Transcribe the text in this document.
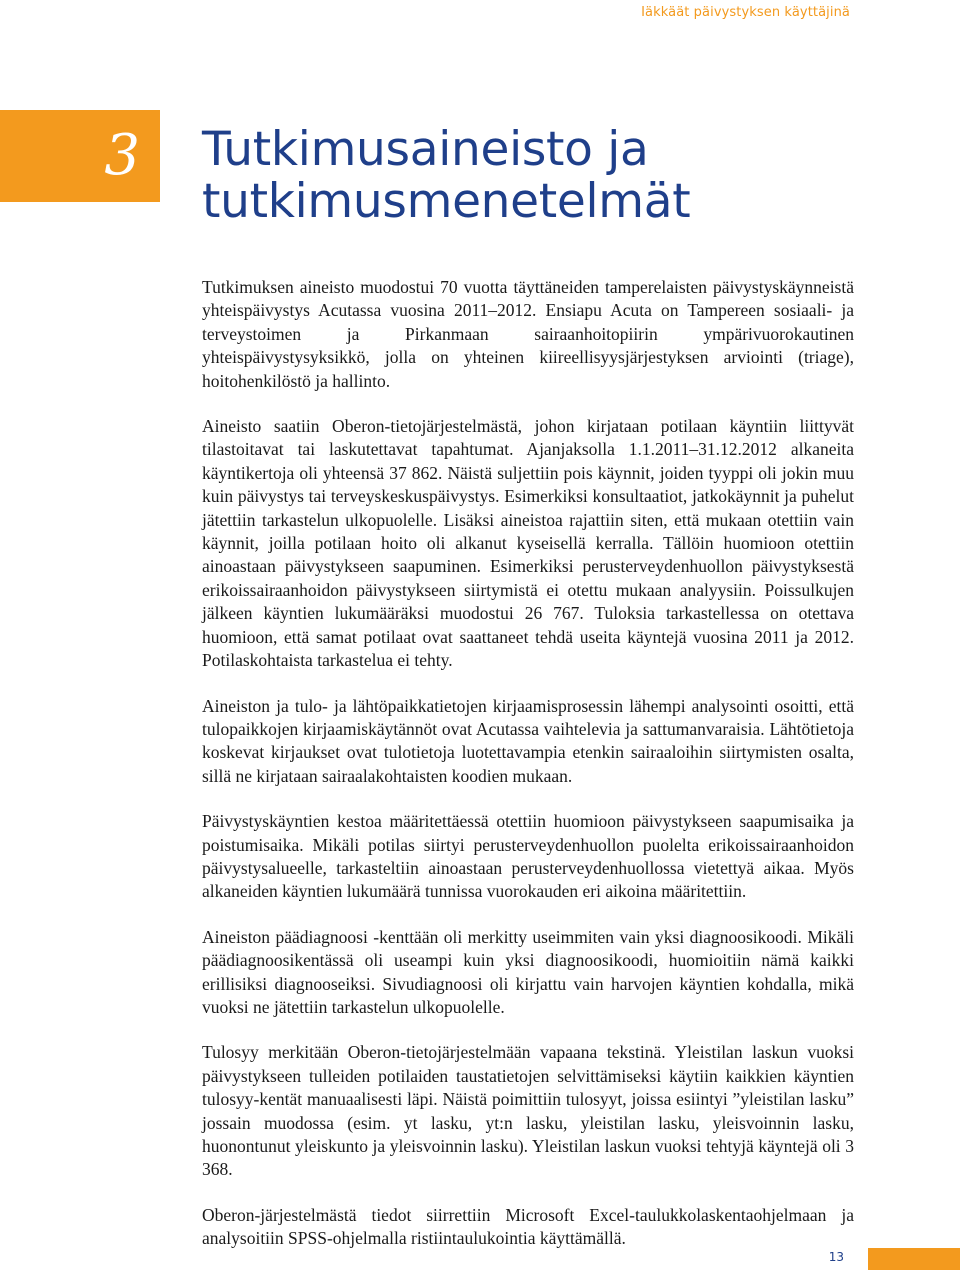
Iäkkäät päivystyksen käyttäjinä
3 Tutkimusaineisto ja tutkimusmenetelmät

Tutkimuksen aineisto muodostui 70 vuotta täyttäneiden tamperelaisten päivystyskäynneistä yhteispäivystys Acutassa vuosina 2011–2012. Ensiapu Acuta on Tampereen sosiaali- ja terveystoimen ja Pirkanmaan sairaanhoitopiirin ympärivuorokautinen yhteispäivystysyksikkö, jolla on yhteinen kiireellisyysjärjestyksen arviointi (triage), hoitohenkilöstö ja hallinto.

Aineisto saatiin Oberon-tietojärjestelmästä, johon kirjataan potilaan käyntiin liittyvät tilastoitavat tai laskutettavat tapahtumat. Ajanjaksolla 1.1.2011–31.12.2012 alkaneita käyntikertoja oli yhteensä 37 862. Näistä suljettiin pois käynnit, joiden tyyppi oli jokin muu kuin päivystys tai terveyskeskuspäivystys. Esimerkiksi konsultaatiot, jatkokäynnit ja puhelut jätettiin tarkastelun ulkopuolelle. Lisäksi aineistoa rajattiin siten, että mukaan otettiin vain käynnit, joilla potilaan hoito oli alkanut kyseisellä kerralla. Tällöin huomioon otettiin ainoastaan päivystykseen saapuminen. Esimerkiksi perusterveydenhuollon päivystyksestä erikoissairaanhoidon päivystykseen siirtymistä ei otettu mukaan analyysiin. Poissulkujen jälkeen käyntien lukumääräksi muodostui 26 767. Tuloksia tarkastellessa on otettava huomioon, että samat potilaat ovat saattaneet tehdä useita käyntejä vuosina 2011 ja 2012. Potilaskohtaista tarkastelua ei tehty.

Aineiston ja tulo- ja lähtöpaikkatietojen kirjaamisprosessin lähempi analysointi osoitti, että tulopaikkojen kirjaamiskäytännöt ovat Acutassa vaihtelevia ja sattumanvaraisia. Lähtötietoja koskevat kirjaukset ovat tulotietoja luotettavampia etenkin sairaaloihin siirtymisten osalta, sillä ne kirjataan sairaalakohtaisten koodien mukaan.

Päivystyskäyntien kestoa määritettäessä otettiin huomioon päivystykseen saapumisaika ja poistumisaika. Mikäli potilas siirtyi perusterveydenhuollon puolelta erikoissairaanhoidon päivystysalueelle, tarkasteltiin ainoastaan perusterveydenhuollossa vietettyä aikaa. Myös alkaneiden käyntien lukumäärä tunnissa vuorokauden eri aikoina määritettiin.

Aineiston päädiagnoosi -kenttään oli merkitty useimmiten vain yksi diagnoosikoodi. Mikäli päädiagnoosikentässä oli useampi kuin yksi diagnoosikoodi, huomioitiin nämä kaikki erillisiksi diagnooseiksi. Sivudiagnoosi oli kirjattu vain harvojen käyntien kohdalla, mikä vuoksi ne jätettiin tarkastelun ulkopuolelle.

Tulosyy merkitään Oberon-tietojärjestelmään vapaana tekstinä. Yleistilan laskun vuoksi päivystykseen tulleiden potilaiden taustatietojen selvittämiseksi käytiin kaikkien käyntien tulosyy-kentät manuaalisesti läpi. Näistä poimittiin tulosyyt, joissa esiintyi ”yleistilan lasku” jossain muodossa (esim. yt lasku, yt:n lasku, yleistilan lasku, yleisvoinnin lasku, huonontunut yleiskunto ja yleisvoinnin lasku). Yleistilan laskun vuoksi tehtyjä käyntejä oli 3 368.

Oberon-järjestelmästä tiedot siirrettiin Microsoft Excel-taulukkolaskentaohjelmaan ja analysoitiin SPSS-ohjelmalla ristiintaulukointia käyttämällä.

13
